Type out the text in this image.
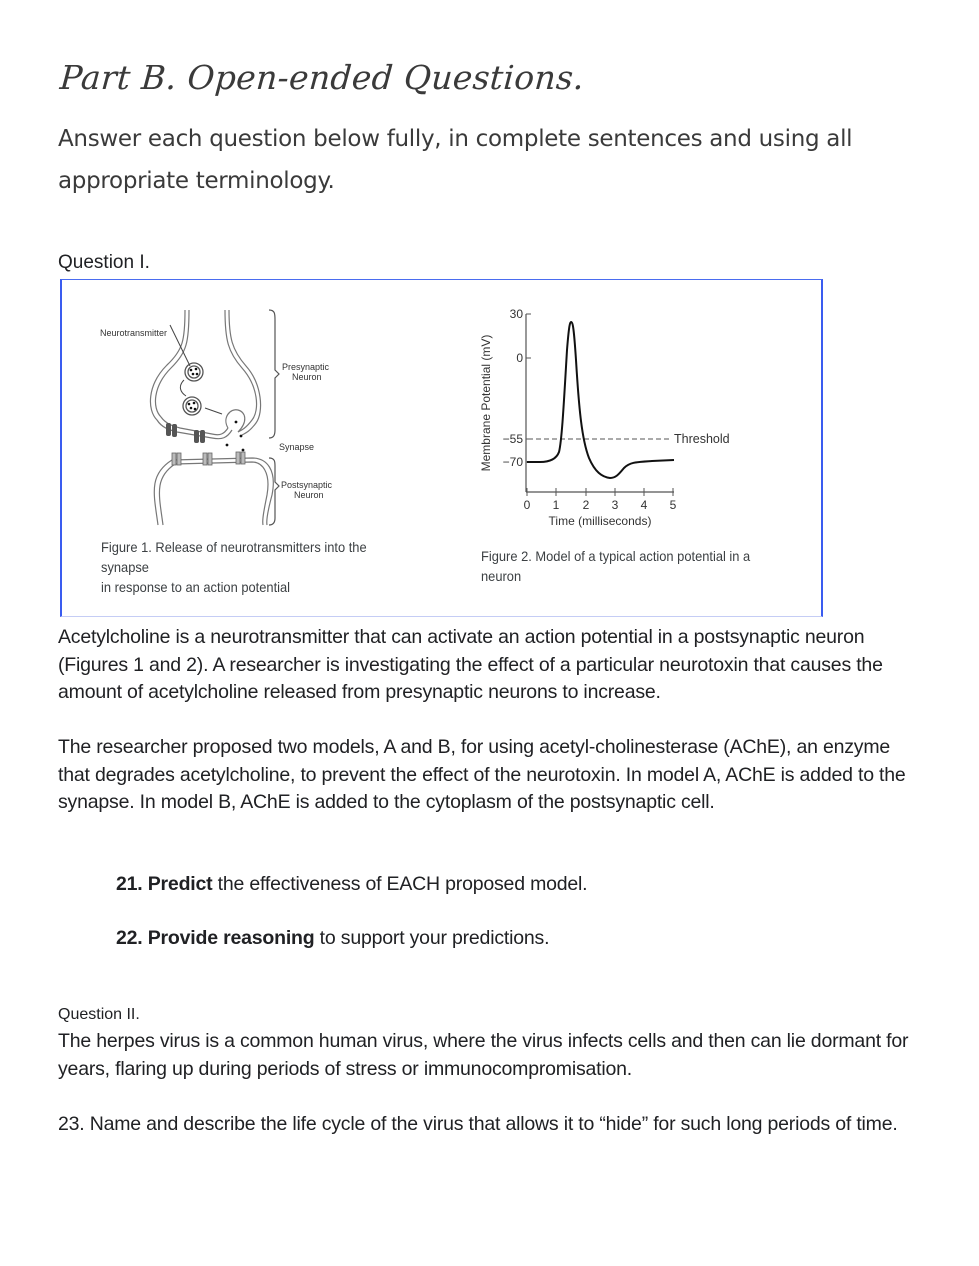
Part B. Open-ended Questions.
Answer each question below fully, in complete sentences and using all appropriate terminology.
Question I.
Neurotransmitter
Presynaptic
Neuron
Synapse
Postsynaptic
Neuron
30
0
−55
−70
0 1 2 3 4 5
Time (milliseconds)
Membrane Potential (mV)	Threshold
Figure 1. Release of neurotransmitters into the
synapse
in response to an action potential
Figure 2. Model of a typical action potential in a
neuron

Acetylcholine is a neurotransmitter that can activate an action potential in a postsynaptic neuron (Figures 1 and 2). A researcher is investigating the effect of a particular neurotoxin that causes the amount of acetylcholine released from presynaptic neurons to increase.

The researcher proposed two models, A and B, for using acetyl-cholinesterase (AChE), an enzyme that degrades acetylcholine, to prevent the effect of the neurotoxin. In model A, AChE is added to the synapse. In model B, AChE is added to the cytoplasm of the postsynaptic cell.

21. Predict the effectiveness of EACH proposed model.
22. Provide reasoning to support your predictions.
Question II.

The herpes virus is a common human virus, where the virus infects cells and then can lie dormant for years, flaring up during periods of stress or immunocompromisation.

23. Name and describe the life cycle of the virus that allows it to “hide” for such long periods of time.
